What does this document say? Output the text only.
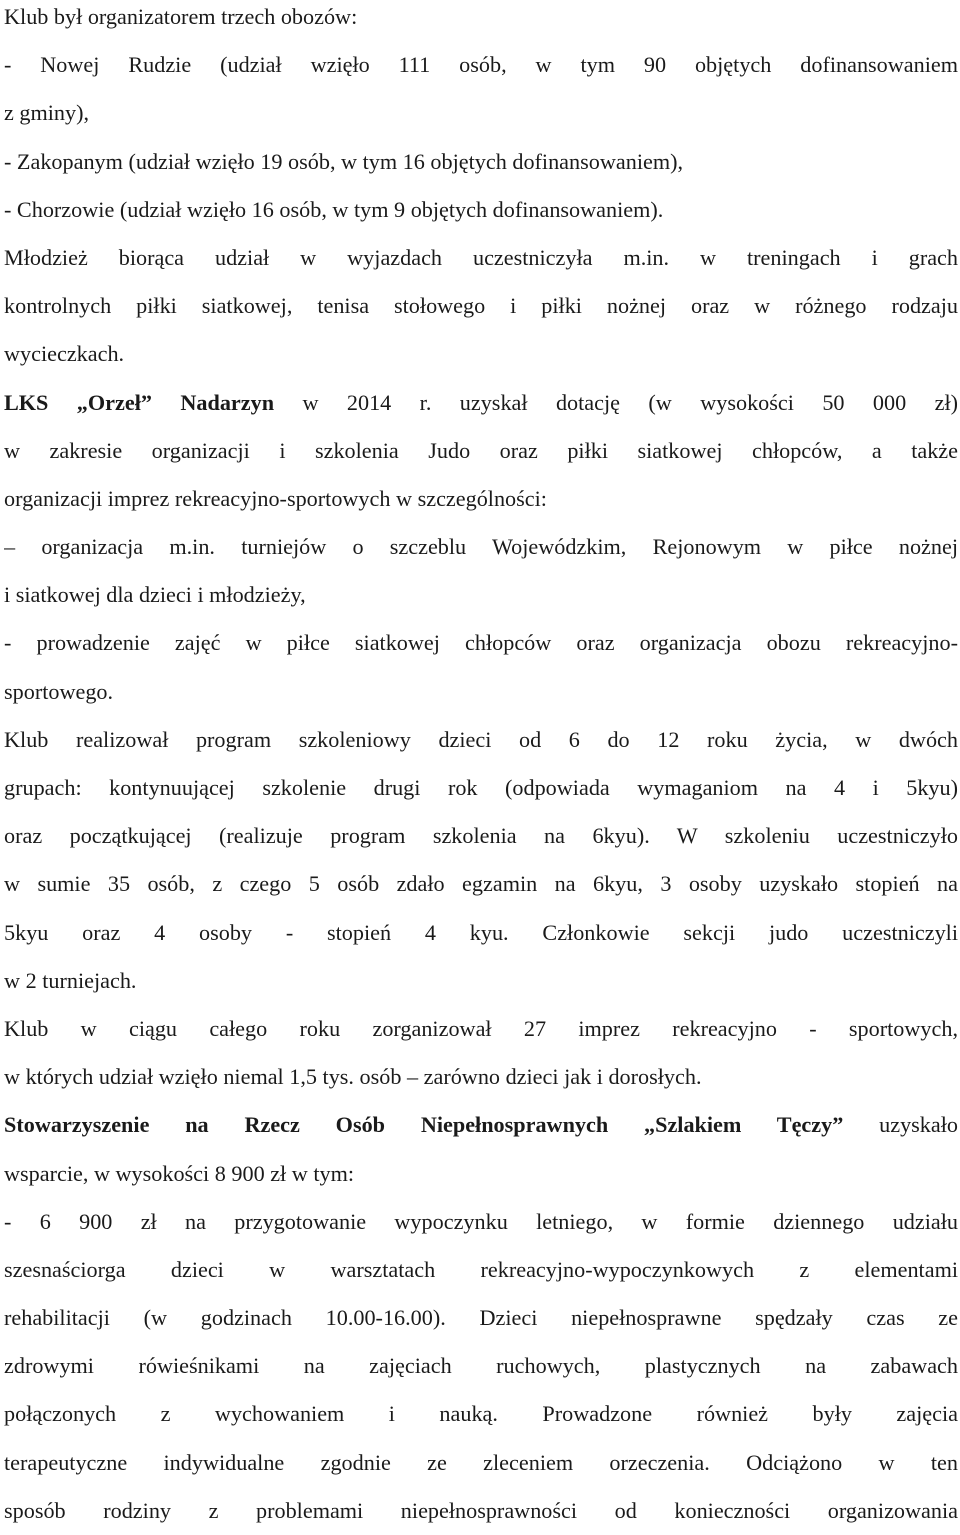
Klub był organizatorem trzech obozów:
- Nowej Rudzie (udział wzięło 111 osób, w tym 90 objętych dofinansowaniem
z gminy),
- Zakopanym (udział wzięło 19 osób, w tym 16 objętych dofinansowaniem),
- Chorzowie (udział wzięło 16 osób, w tym 9 objętych dofinansowaniem).
Młodzież biorąca udział w wyjazdach uczestniczyła m.in. w treningach i grach
kontrolnych piłki siatkowej, tenisa stołowego i piłki nożnej oraz w różnego rodzaju
wycieczkach.
LKS „Orzeł” Nadarzyn w 2014 r. uzyskał dotację (w wysokości 50 000 zł)
w zakresie organizacji i szkolenia Judo oraz piłki siatkowej chłopców, a także
organizacji imprez rekreacyjno-sportowych w szczególności:
– organizacja m.in. turniejów o szczeblu Wojewódzkim, Rejonowym w piłce nożnej
i siatkowej dla dzieci i młodzieży,
- prowadzenie zajęć w piłce siatkowej chłopców oraz organizacja obozu rekreacyjno-
sportowego.
Klub realizował program szkoleniowy dzieci od 6 do 12 roku życia, w dwóch
grupach: kontynuującej szkolenie drugi rok (odpowiada wymaganiom na 4 i 5kyu)
oraz początkującej (realizuje program szkolenia na 6kyu). W szkoleniu uczestniczyło
w sumie 35 osób, z czego 5 osób zdało egzamin na 6kyu, 3 osoby uzyskało stopień na
5kyu oraz 4 osoby - stopień 4 kyu. Członkowie sekcji judo uczestniczyli
w 2 turniejach.
Klub w ciągu całego roku zorganizował 27 imprez rekreacyjno - sportowych,
w których udział wzięło niemal 1,5 tys. osób – zarówno dzieci jak i dorosłych.
Stowarzyszenie na Rzecz Osób Niepełnosprawnych „Szlakiem Tęczy” uzyskało
wsparcie, w wysokości 8 900 zł w tym:
- 6 900 zł na przygotowanie wypoczynku letniego, w formie dziennego udziału
szesnaściorga dzieci w warsztatach rekreacyjno-wypoczynkowych z elementami
rehabilitacji (w godzinach 10.00-16.00). Dzieci niepełnosprawne spędzały czas ze
zdrowymi rówieśnikami na zajęciach ruchowych, plastycznych na zabawach
połączonych z wychowaniem i nauką. Prowadzone również były zajęcia
terapeutyczne indywidualne zgodnie ze zleceniem orzeczenia. Odciążono w ten
sposób rodziny z problemami niepełnosprawności od konieczności organizowania
